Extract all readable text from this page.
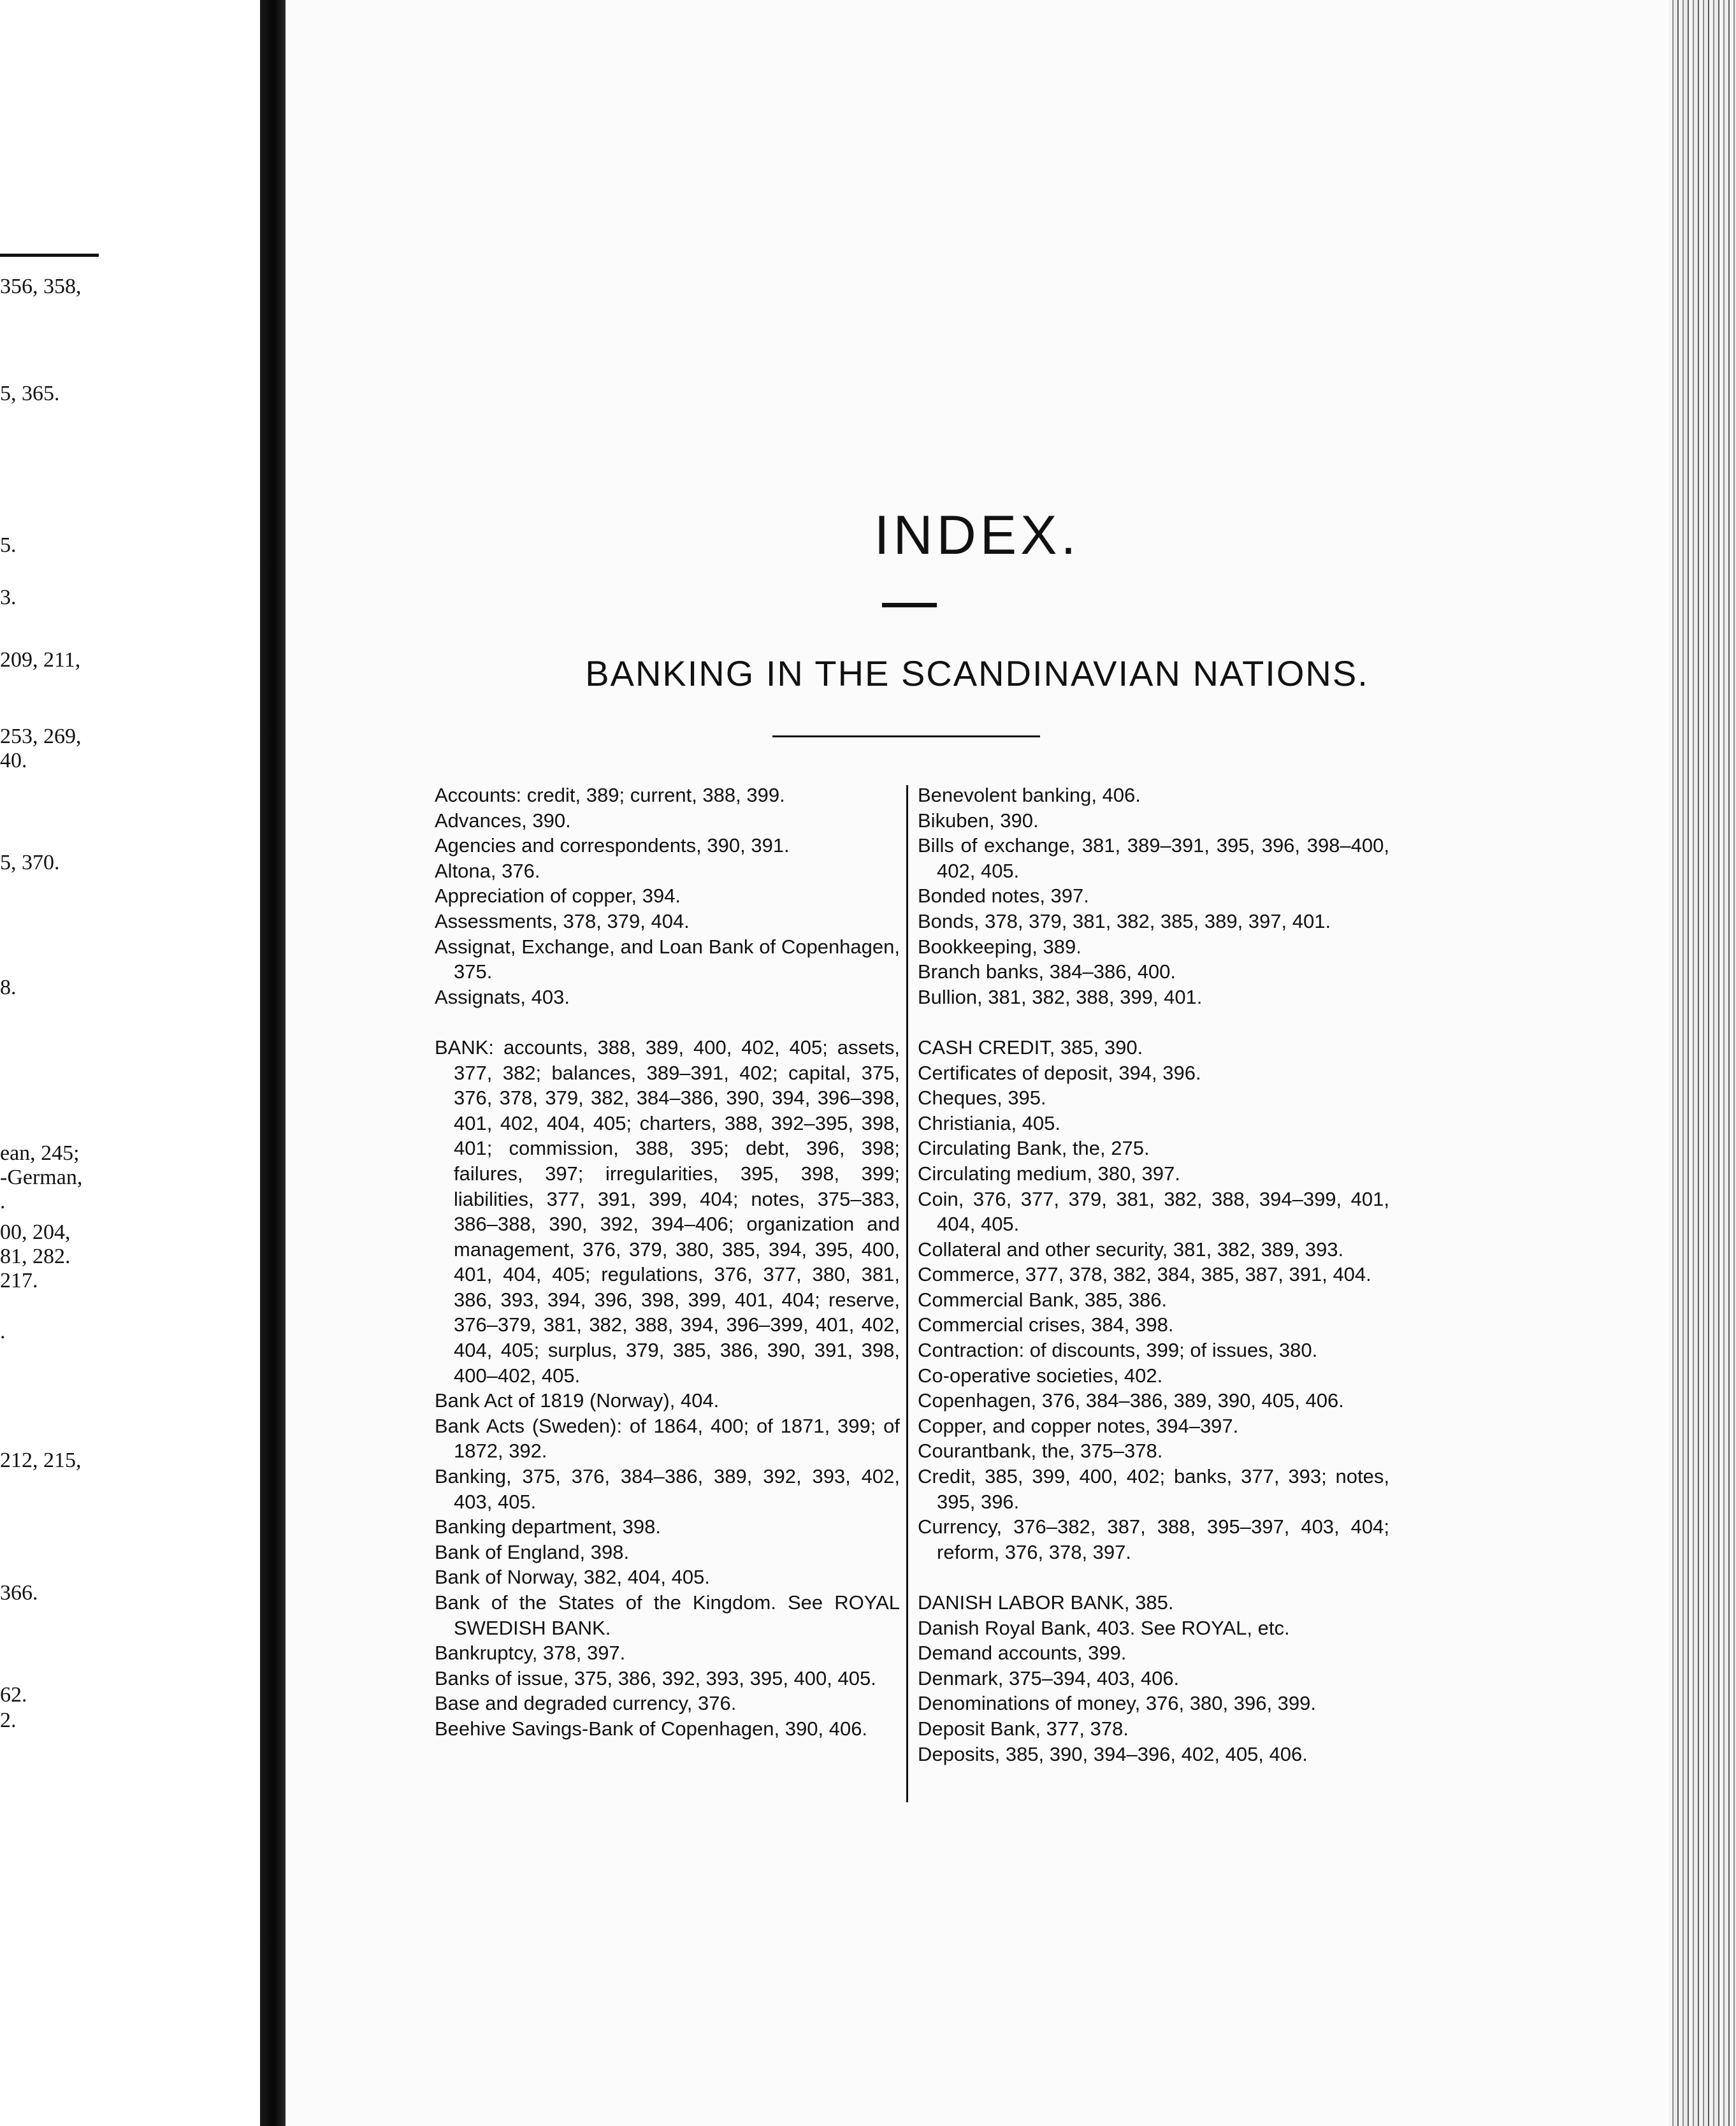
356, 358,
5, 365.
5.
3.
209, 211,
253, 269,
40.
5, 370.
8.
ean, 245;
-German,
.
00, 204,
81, 282.
217.
.
212, 215,
366.
62.
2.
INDEX.
BANKING IN THE SCANDINAVIAN NATIONS.
Accounts: credit, 389; current, 388, 399.
Advances, 390.
Agencies and correspondents, 390, 391.
Altona, 376.
Appreciation of copper, 394.
Assessments, 378, 379, 404.
Assignat, Exchange, and Loan Bank of Copenhagen, 375.
Assignats, 403.
BANK: accounts, 388, 389, 400, 402, 405; assets, 377, 382; balances, 389–391, 402; capital, 375, 376, 378, 379, 382, 384–386, 390, 394, 396–398, 401, 402, 404, 405; charters, 388, 392–395, 398, 401; commission, 388, 395; debt, 396, 398; failures, 397; irregularities, 395, 398, 399; liabilities, 377, 391, 399, 404; notes, 375–383, 386–388, 390, 392, 394–406; organization and management, 376, 379, 380, 385, 394, 395, 400, 401, 404, 405; regulations, 376, 377, 380, 381, 386, 393, 394, 396, 398, 399, 401, 404; reserve, 376–379, 381, 382, 388, 394, 396–399, 401, 402, 404, 405; surplus, 379, 385, 386, 390, 391, 398, 400–402, 405.
Bank Act of 1819 (Norway), 404.
Bank Acts (Sweden): of 1864, 400; of 1871, 399; of 1872, 392.
Banking, 375, 376, 384–386, 389, 392, 393, 402, 403, 405.
Banking department, 398.
Bank of England, 398.
Bank of Norway, 382, 404, 405.
Bank of the States of the Kingdom. See ROYAL SWEDISH BANK.
Bankruptcy, 378, 397.
Banks of issue, 375, 386, 392, 393, 395, 400, 405.
Base and degraded currency, 376.
Beehive Savings-Bank of Copenhagen, 390, 406.
Benevolent banking, 406.
Bikuben, 390.
Bills of exchange, 381, 389–391, 395, 396, 398–400, 402, 405.
Bonded notes, 397.
Bonds, 378, 379, 381, 382, 385, 389, 397, 401.
Bookkeeping, 389.
Branch banks, 384–386, 400.
Bullion, 381, 382, 388, 399, 401.
CASH CREDIT, 385, 390.
Certificates of deposit, 394, 396.
Cheques, 395.
Christiania, 405.
Circulating Bank, the, 275.
Circulating medium, 380, 397.
Coin, 376, 377, 379, 381, 382, 388, 394–399, 401, 404, 405.
Collateral and other security, 381, 382, 389, 393.
Commerce, 377, 378, 382, 384, 385, 387, 391, 404.
Commercial Bank, 385, 386.
Commercial crises, 384, 398.
Contraction: of discounts, 399; of issues, 380.
Co-operative societies, 402.
Copenhagen, 376, 384–386, 389, 390, 405, 406.
Copper, and copper notes, 394–397.
Courantbank, the, 375–378.
Credit, 385, 399, 400, 402; banks, 377, 393; notes, 395, 396.
Currency, 376–382, 387, 388, 395–397, 403, 404; reform, 376, 378, 397.
DANISH LABOR BANK, 385.
Danish Royal Bank, 403. See ROYAL, etc.
Demand accounts, 399.
Denmark, 375–394, 403, 406.
Denominations of money, 376, 380, 396, 399.
Deposit Bank, 377, 378.
Deposits, 385, 390, 394–396, 402, 405, 406.
